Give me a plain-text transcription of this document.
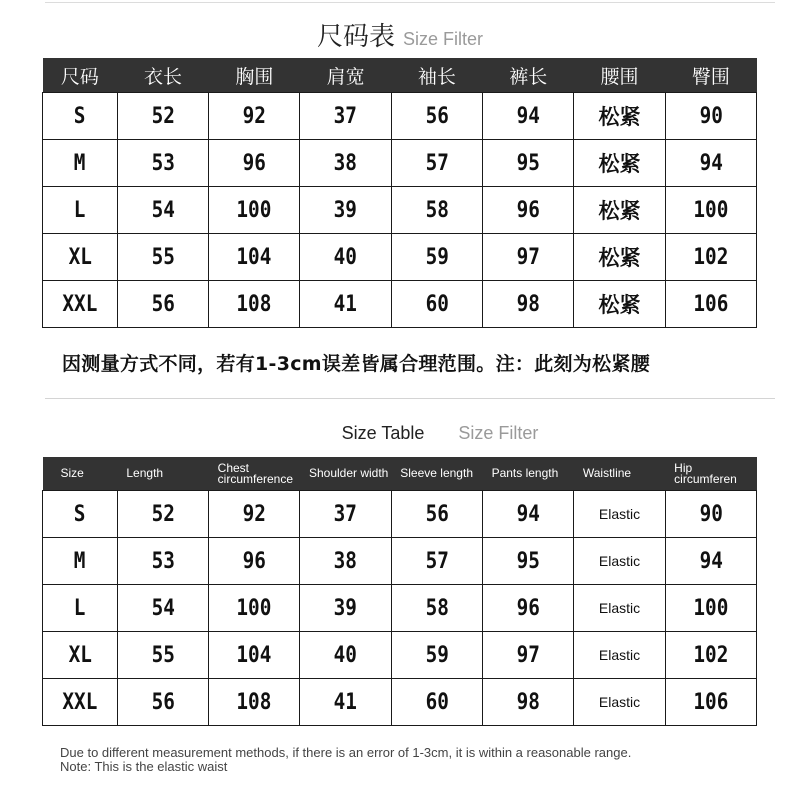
尺码表 Size Filter
尺码	衣长	胸围	肩宽	袖长	裤长	腰围	臀围
S	52	92	37	56	94	松紧	90
M	53	96	38	57	95	松紧	94
L	54	100	39	58	96	松紧	100
XL	55	104	40	59	97	松紧	102
XXL	56	108	41	60	98	松紧	106
因测量方式不同，若有1-3cm误差皆属合理范围。注：此刻为松紧腰
Size Table Size Filter
Size	Length	Chest circumference	Shoulder width	Sleeve length	Pants length	Waistline	Hip circumferen
S	52	92	37	56	94	Elastic	90
M	53	96	38	57	95	Elastic	94
L	54	100	39	58	96	Elastic	100
XL	55	104	40	59	97	Elastic	102
XXL	56	108	41	60	98	Elastic	106
Due to different measurement methods, if there is an error of 1-3cm, it is within a reasonable range.
Note: This is the elastic waist
